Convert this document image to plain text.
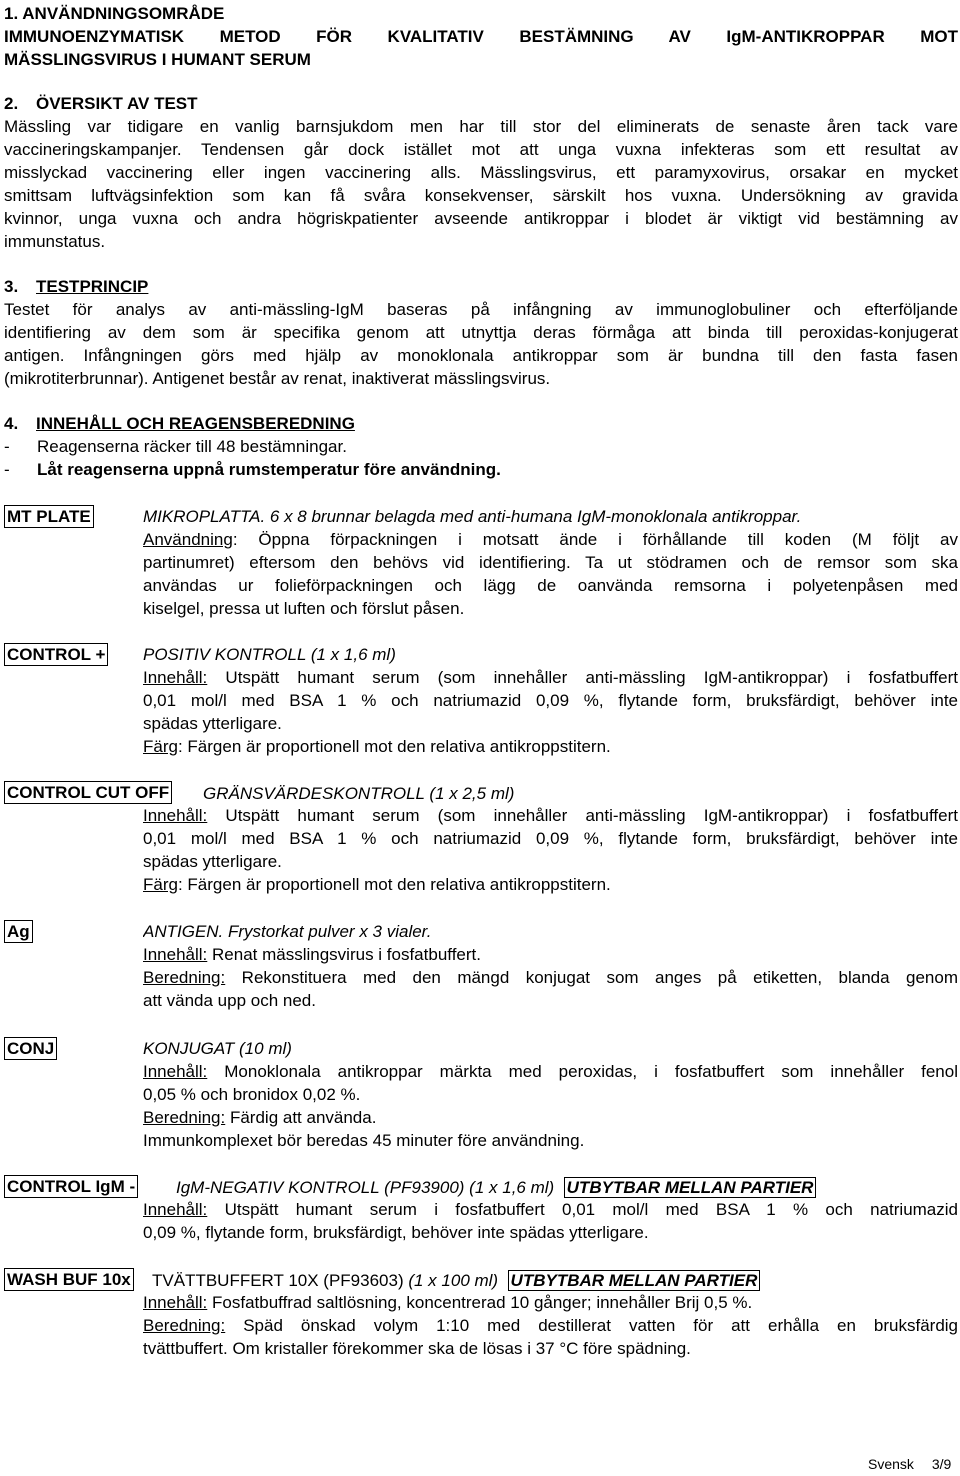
1. ANVÄNDNINGSOMRÅDE
IMMUNOENZYMATISK METOD FÖR KVALITATIV BESTÄMNING AV IgM-ANTIKROPPAR MOT
MÄSSLINGSVIRUS I HUMANT SERUM
2. ÖVERSIKT AV TEST
Mässling var tidigare en vanlig barnsjukdom men har till stor del eliminerats de senaste åren tack vare
vaccineringskampanjer. Tendensen går dock istället mot att unga vuxna infekteras som ett resultat av
misslyckad vaccinering eller ingen vaccinering alls. Mässlingsvirus, ett paramyxovirus, orsakar en mycket
smittsam luftvägsinfektion som kan få svåra konsekvenser, särskilt hos vuxna. Undersökning av gravida
kvinnor, unga vuxna och andra högriskpatienter avseende antikroppar i blodet är viktigt vid bestämning av
immunstatus.
3. TESTPRINCIP
Testet för analys av anti-mässling-IgM baseras på infångning av immunoglobuliner och efterföljande
identifiering av dem som är specifika genom att utnyttja deras förmåga att binda till peroxidas-konjugerat
antigen. Infångningen görs med hjälp av monoklonala antikroppar som är bundna till den fasta fasen
(mikrotiterbrunnar). Antigenet består av renat, inaktiverat mässlingsvirus.
4. INNEHÅLL OCH REAGENSBEREDNING
- Reagenserna räcker till 48 bestämningar.
- Låt reagenserna uppnå rumstemperatur före användning.
MT PLATE	MIKROPLATTA. 6 x 8 brunnar belagda med anti-humana IgM-monoklonala antikroppar.
Användning: Öppna förpackningen i motsatt ände i förhållande till koden (M följt av
partinumret) eftersom den behövs vid identifiering. Ta ut stödramen och de remsor som ska
användas ur folieförpackningen och lägg de oanvända remsorna i polyetenpåsen med
kiselgel, pressa ut luften och förslut påsen.
CONTROL + POSITIV KONTROLL (1 x 1,6 ml)
Innehåll: Utspätt humant serum (som innehåller anti-mässling IgM-antikroppar) i fosfatbuffert
0,01 mol/l med BSA 1 % och natriumazid 0,09 %, flytande form, bruksfärdigt, behöver inte
spädas ytterligare.
Färg: Färgen är proportionell mot den relativa antikroppstitern.
CONTROL CUT OFF GRÄNSVÄRDESKONTROLL (1 x 2,5 ml)
Innehåll: Utspätt humant serum (som innehåller anti-mässling IgM-antikroppar) i fosfatbuffert
0,01 mol/l med BSA 1 % och natriumazid 0,09 %, flytande form, bruksfärdigt, behöver inte
spädas ytterligare.
Färg: Färgen är proportionell mot den relativa antikroppstitern.
Ag	ANTIGEN. Frystorkat pulver x 3 vialer.
Innehåll: Renat mässlingsvirus i fosfatbuffert.
Beredning: Rekonstituera med den mängd konjugat som anges på etiketten, blanda genom
att vända upp och ned.
CONJ	KONJUGAT (10 ml)
Innehåll: Monoklonala antikroppar märkta med peroxidas, i fosfatbuffert som innehåller fenol
0,05 % och bronidox 0,02 %.
Beredning: Färdig att använda.
Immunkomplexet bör beredas 45 minuter före användning.
CONTROL IgM - IgM-NEGATIV KONTROLL (PF93900) (1 x 1,6 ml) UTBYTBAR MELLAN PARTIER
Innehåll: Utspätt humant serum i fosfatbuffert 0,01 mol/l med BSA 1 % och natriumazid
0,09 %, flytande form, bruksfärdigt, behöver inte spädas ytterligare.
WASH BUF 10x TVÄTTBUFFERT 10X (PF93603) (1 x 100 ml) UTBYTBAR MELLAN PARTIER
Innehåll: Fosfatbuffrad saltlösning, koncentrerad 10 gånger; innehåller Brij 0,5 %.
Beredning: Späd önskad volym 1:10 med destillerat vatten för att erhålla en bruksfärdig
tvättbuffert. Om kristaller förekommer ska de lösas i 37 °C före spädning.
Svensk 3/9
